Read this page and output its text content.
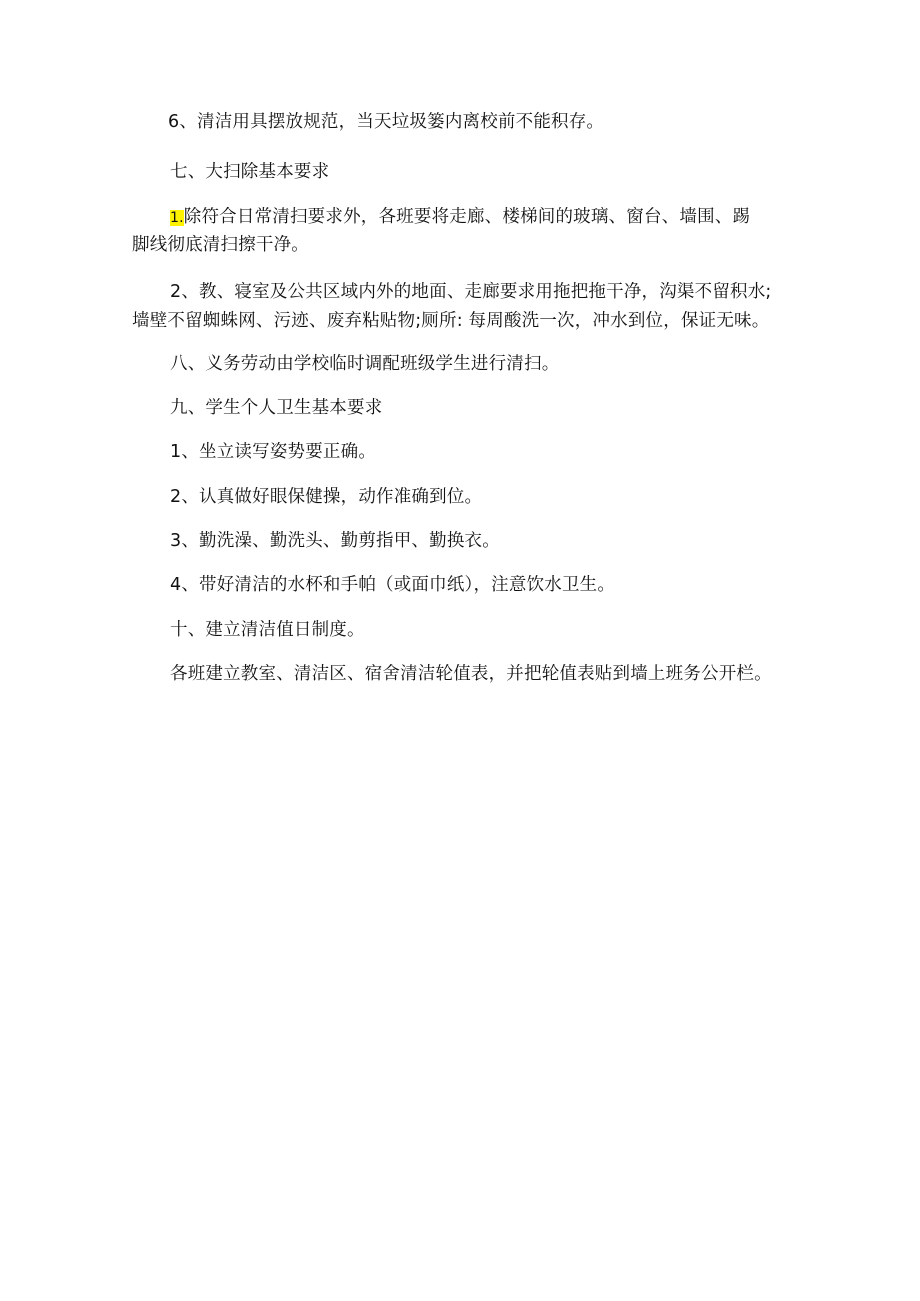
6、清洁用具摆放规范，当天垃圾篓内离校前不能积存。
七、大扫除基本要求
1.除符合日常清扫要求外，各班要将走廊、楼梯间的玻璃、窗台、墙围、踢
脚线彻底清扫擦干净。
2、教、寝室及公共区域内外的地面、走廊要求用拖把拖干净，沟渠不留积水;
墙壁不留蜘蛛网、污迹、废弃粘贴物;厕所: 每周酸洗一次，冲水到位，保证无味。
八、义务劳动由学校临时调配班级学生进行清扫。
九、学生个人卫生基本要求
1、坐立读写姿势要正确。
2、认真做好眼保健操，动作准确到位。
3、勤洗澡、勤洗头、勤剪指甲、勤换衣。
4、带好清洁的水杯和手帕（或面巾纸），注意饮水卫生。
十、建立清洁值日制度。
各班建立教室、清洁区、宿舍清洁轮值表，并把轮值表贴到墙上班务公开栏。
